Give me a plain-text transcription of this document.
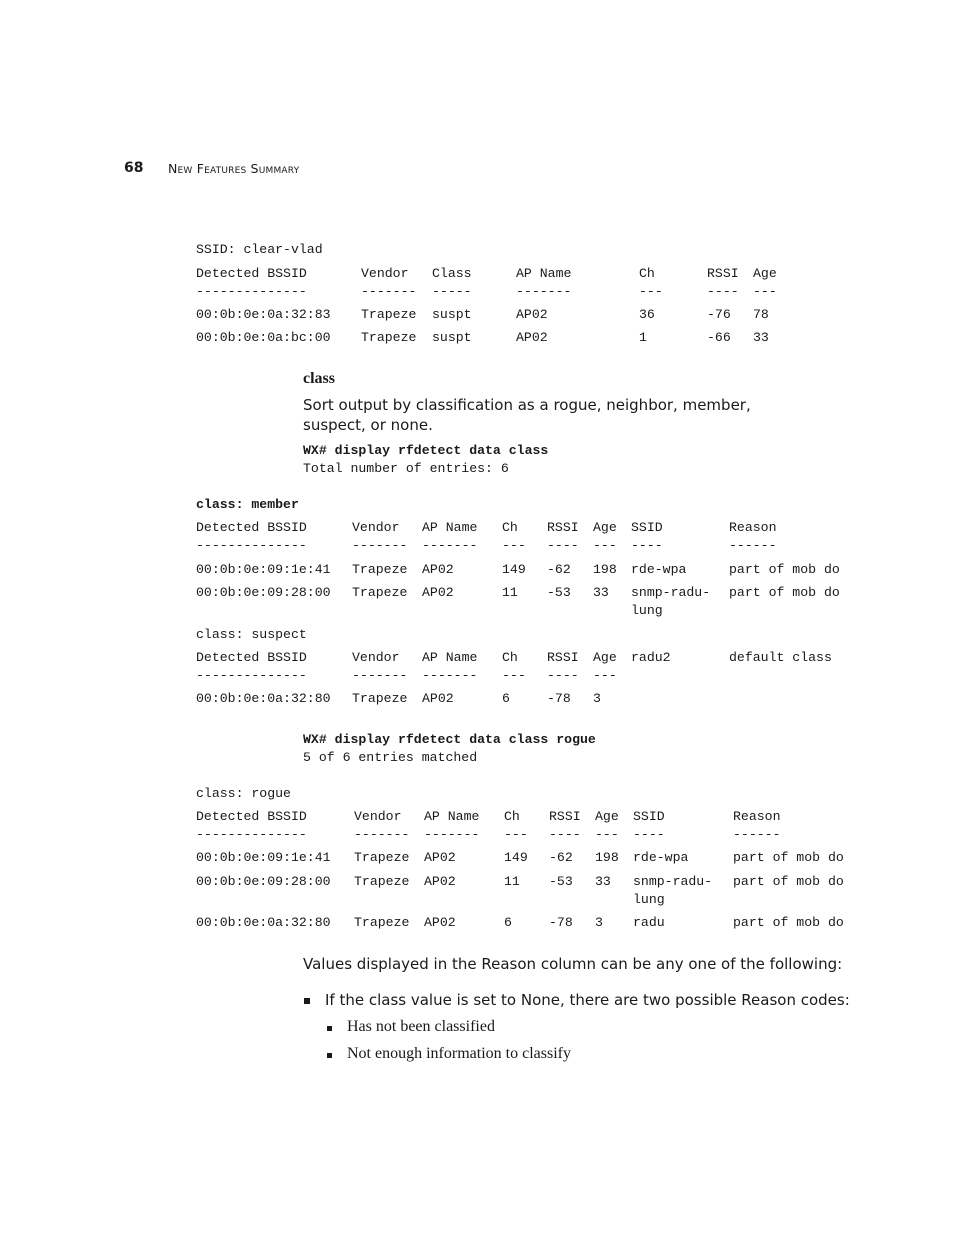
68 New Features Summary
SSID: clear-vlad
Detected BSSID	Vendor Class	AP Name	Ch	RSSI Age
--------------	------- -----	-------	---	---- ---
00:0b:0e:0a:32:83 Trapeze suspt	AP02	36	-76 78
00:0b:0e:0a:bc:00 Trapeze suspt	AP02	1	-66 33
class
Sort output by classification as a rogue, neighbor, member, suspect, or none.
WX# display rfdetect data class
Total number of entries: 6
class: member
Detected BSSID	Vendor AP Name Ch RSSI Age SSID	Reason
--------------	------- ------- --- ---- --- ----	------
00:0b:0e:09:1e:41 Trapeze AP02	149 -62 198 rde-wpa	part of mob do
00:0b:0e:09:28:00 Trapeze AP02	11 -53 33 snmp-radu- part of mob do
lung
class: suspect
Detected BSSID	Vendor AP Name Ch RSSI Age radu2	default class
--------------	------- ------- --- ---- ---
00:0b:0e:0a:32:80 Trapeze AP02	6	-78 3
WX# display rfdetect data class rogue
5 of 6 entries matched
class: rogue
Detected BSSID	Vendor AP Name Ch RSSI Age SSID	Reason
--------------	------- ------- --- ---- --- ----	------
00:0b:0e:09:1e:41 Trapeze AP02	149 -62 198 rde-wpa	part of mob do
00:0b:0e:09:28:00 Trapeze AP02	11 -53 33 snmp-radu- part of mob do
lung
00:0b:0e:0a:32:80 Trapeze AP02	6	-78 3 radu	part of mob do
Values displayed in the Reason column can be any one of the following:
If the class value is set to None, there are two possible Reason codes:
Has not been classified
Not enough information to classify
